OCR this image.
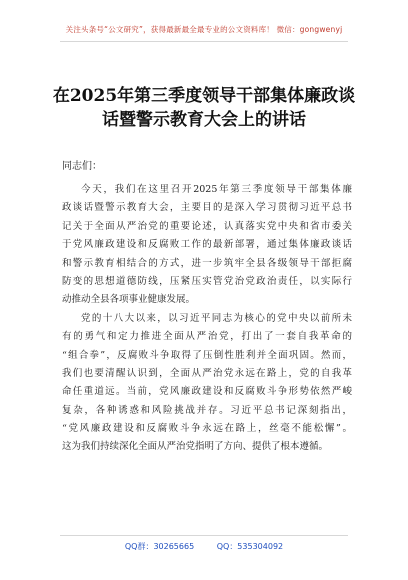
关注头条号“公文研究”，获得最新最全最专业的公文资料库！ 微信：gongwenyj
在2025年第三季度领导干部集体廉政谈
话暨警示教育大会上的讲话
同志们：
今天，我们在这里召开2025年第三季度领导干部集体廉
政谈话暨警示教育大会，主要目的是深入学习贯彻习近平总书
记关于全面从严治党的重要论述，认真落实党中央和省市委关
于党风廉政建设和反腐败工作的最新部署，通过集体廉政谈话
和警示教育相结合的方式，进一步筑牢全县各级领导干部拒腐
防变的思想道德防线，压紧压实管党治党政治责任，以实际行
动推动全县各项事业健康发展。
党的十八大以来，以习近平同志为核心的党中央以前所未
有的勇气和定力推进全面从严治党，打出了一套自我革命的
“组合拳”，反腐败斗争取得了压倒性胜利并全面巩固。然而，
我们也要清醒认识到，全面从严治党永远在路上，党的自我革
命任重道远。当前，党风廉政建设和反腐败斗争形势依然严峻
复杂，各种诱惑和风险挑战并存。习近平总书记深刻指出，
“党风廉政建设和反腐败斗争永远在路上，丝毫不能松懈”。
这为我们持续深化全面从严治党指明了方向、提供了根本遵循。
QQ群：30265665	QQ：535304092
